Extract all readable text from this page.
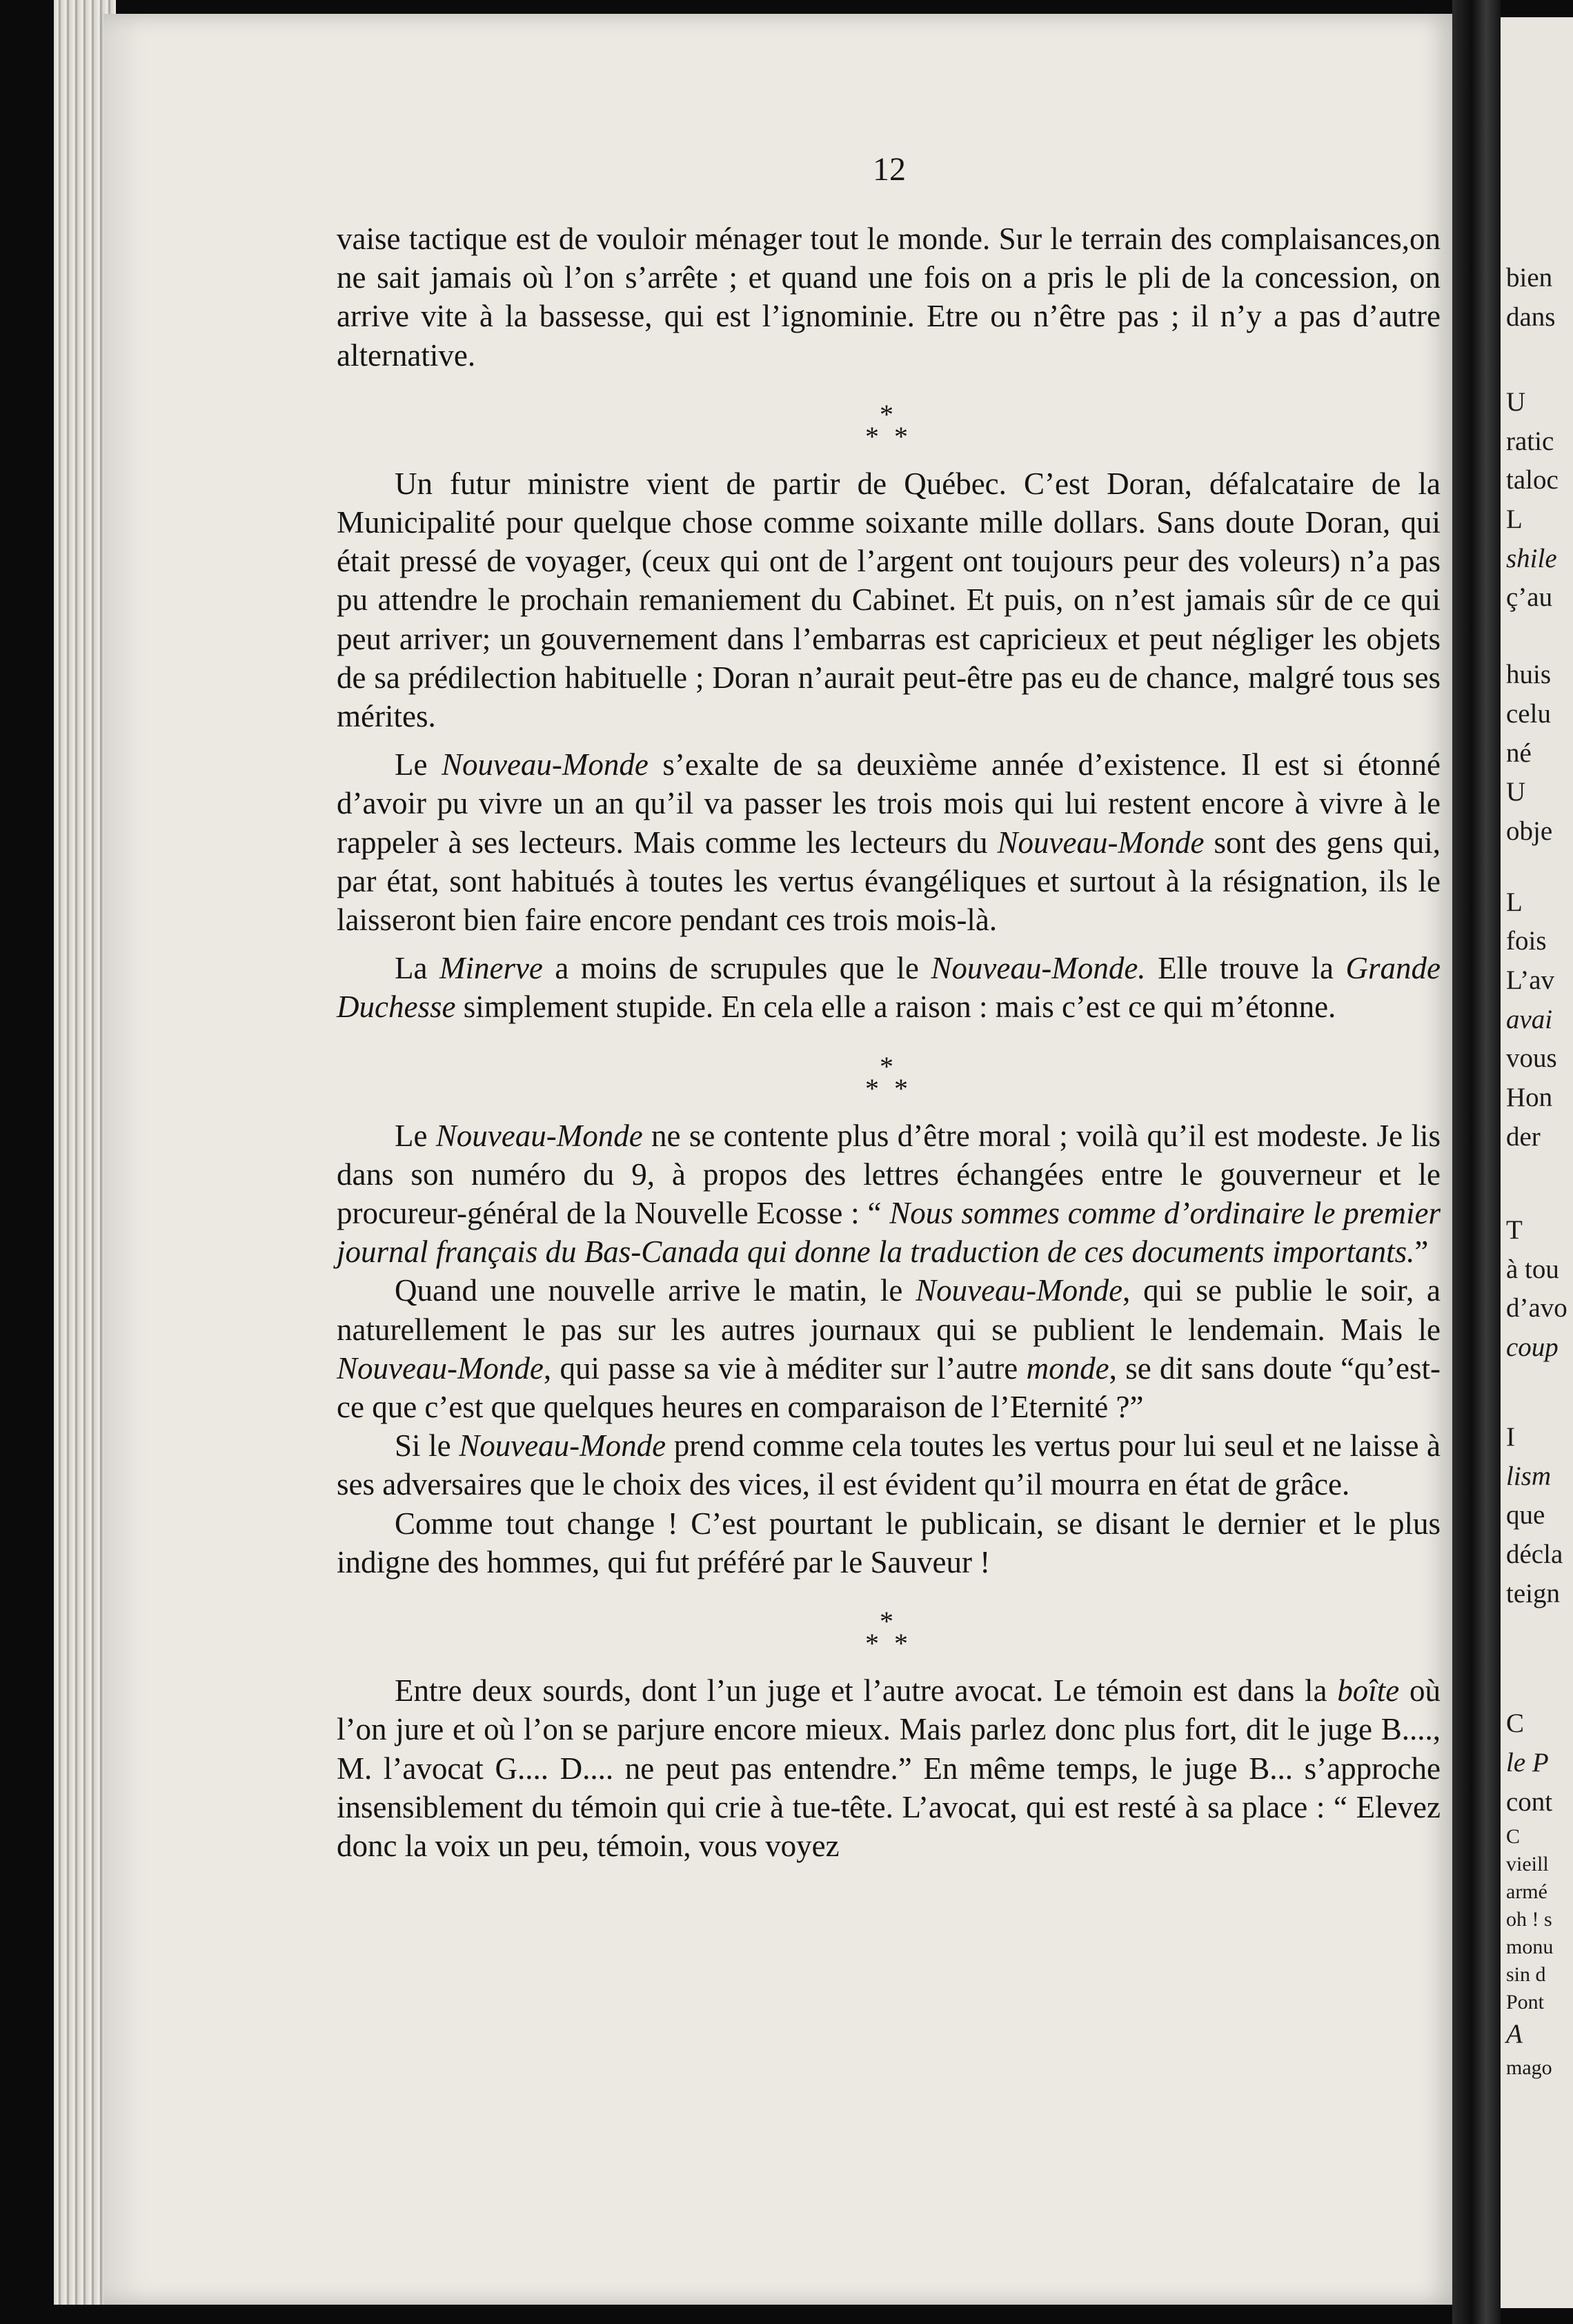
bien
dans
U
ratic
taloc
L
shile
ç’au
huis
celu
né
U
obje
L
fois
L’av
avai
vous
Hon
der
T
à tou
d’avo
coup
I
lism
que
décla
teign
C
le P
cont
C
vieill
armé
oh ! s
monu
sin d
Pont
A
mago
12

vaise tactique est de vouloir ménager tout le monde. Sur le terrain des complaisances,on ne sait jamais où l’on s’arrête ; et quand une fois on a pris le pli de la concession, on arrive vite à la bassesse, qui est l’ignominie. Etre ou n’être pas ; il n’y a pas d’autre alternative.

*
* *

Un futur ministre vient de partir de Québec. C’est Doran, défalcataire de la Municipalité pour quelque chose comme soixante mille dollars. Sans doute Doran, qui était pressé de voyager, (ceux qui ont de l’argent ont toujours peur des voleurs) n’a pas pu attendre le prochain remaniement du Cabinet. Et puis, on n’est jamais sûr de ce qui peut arriver; un gouvernement dans l’embarras est capricieux et peut négliger les objets de sa prédilection habituelle ; Doran n’aurait peut-être pas eu de chance, malgré tous ses mérites.

Le Nouveau-Monde s’exalte de sa deuxième année d’existence. Il est si étonné d’avoir pu vivre un an qu’il va passer les trois mois qui lui restent encore à vivre à le rappeler à ses lecteurs. Mais comme les lecteurs du Nouveau-Monde sont des gens qui, par état, sont habitués à toutes les vertus évangéliques et surtout à la résignation, ils le laisseront bien faire encore pendant ces trois mois-là.

La Minerve a moins de scrupules que le Nouveau-Monde. Elle trouve la Grande Duchesse simplement stupide. En cela elle a raison : mais c’est ce qui m’étonne.

*
* *

Le Nouveau-Monde ne se contente plus d’être moral ; voilà qu’il est modeste. Je lis dans son numéro du 9, à propos des lettres échangées entre le gouverneur et le procureur-général de la Nouvelle Ecosse : “ Nous sommes comme d’ordinaire le premier journal français du Bas-Canada qui donne la traduction de ces documents importants.”

Quand une nouvelle arrive le matin, le Nouveau-Monde, qui se publie le soir, a naturellement le pas sur les autres journaux qui se publient le lendemain. Mais le Nouveau-Monde, qui passe sa vie à méditer sur l’autre monde, se dit sans doute “qu’est-ce que c’est que quelques heures en comparaison de l’Eternité ?”

Si le Nouveau-Monde prend comme cela toutes les vertus pour lui seul et ne laisse à ses adversaires que le choix des vices, il est évident qu’il mourra en état de grâce.

Comme tout change ! C’est pourtant le publicain, se disant le dernier et le plus indigne des hommes, qui fut préféré par le Sauveur !

*
* *

Entre deux sourds, dont l’un juge et l’autre avocat. Le témoin est dans la boîte où l’on jure et où l’on se parjure encore mieux. Mais parlez donc plus fort, dit le juge B...., M. l’avocat G.... D.... ne peut pas entendre.” En même temps, le juge B... s’approche insensiblement du témoin qui crie à tue-tête. L’avocat, qui est resté à sa place : “ Elevez donc la voix un peu, témoin, vous voyez
